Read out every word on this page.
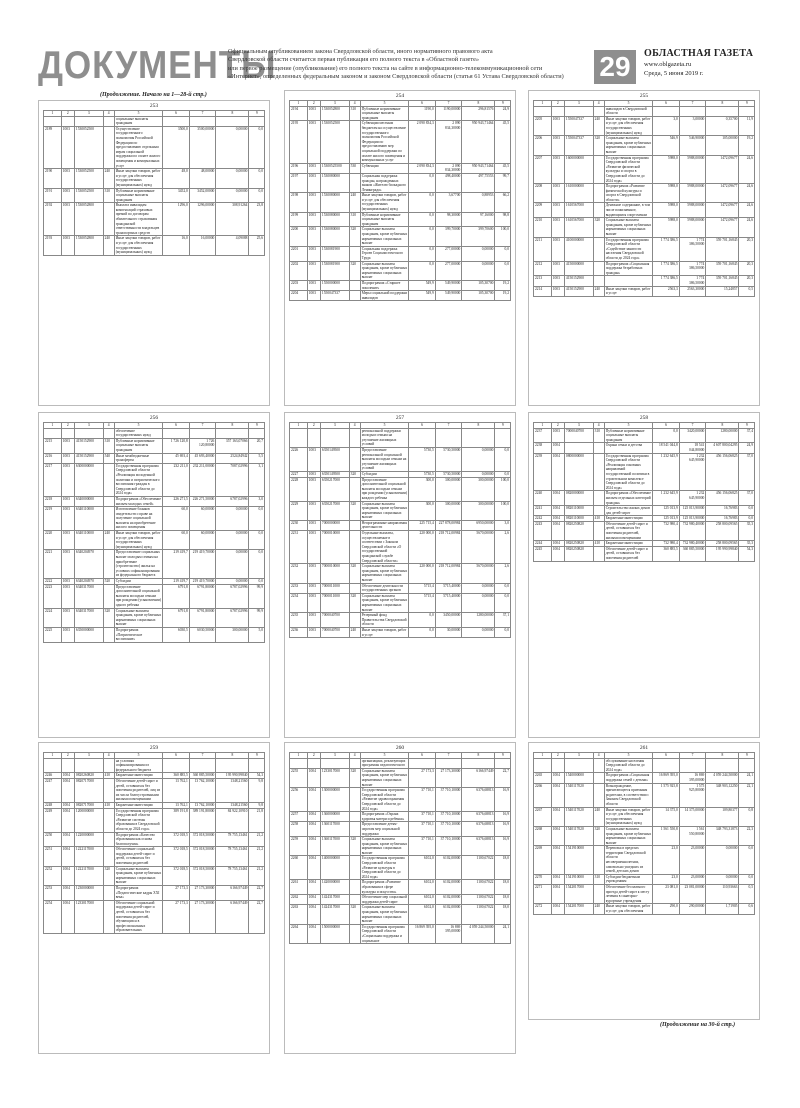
ДОКУМЕНТЫ
Официальным опубликованием закона Свердловской области, иного нормативного правового акта
Свердловской области считается первая публикация его полного текста в «Областной газете»
или первое размещение (опубликование) его полного текста на сайте в информационно-телекоммуникационной сети
«Интернет», определенных федеральным законом и законом Свердловской области (статья 61 Устава Свердловской области)	29	ОБЛАСТНАЯ ГАЗЕТА
www.oblgazeta.ru
Среда, 5 июня 2019 г.
(Продолжение. Начало на 1—28-й стр.)
253
1	2	3	4	5	6	7	8	9
				социальные выплаты гражданам				
2189	1003	1530052500		Осуществление государственного полномочия Российской Федерации по предоставлению отдельным мерам социальной поддержки по оплате жилого помещения и коммунальных услуг	3500,0	3500,00000	0,00000	0,0
2190	1003	1530052500	240	Иные закупки товаров, работ и услуг для обеспечения государственных (муниципальных) нужд	48,0	48,00000	0,00000	0,0
2191	1003	1530052500	310	Публичные нормативные социальные выплаты гражданам	3452,0	3452,00000	0,00000	0,0
2192	1003	1530052800		Выплата инвалидам компенсаций страховых премий по договорам обязательного страхования гражданской ответственности владельцев транспортных средств	1296,0	1296,00000	308,91264	23,8
2193	1003	1530052800	240	Иные закупки товаров, работ и услуг для обеспечения государственных (муниципальных) нужд	16,0	16,00000	4,09088	25,6
254
1	2	3	4	5	6	7	8	9
2194	1003	1530052800	310	Публичные нормативные социальные выплаты гражданам	1190,0	1190,00000	296,81576	24,9
2195	1003	1530052500		Субвенции местным бюджетам на осуществление государственного полномочия Российской Федерации по предоставлению мер социальной поддержки по оплате жилого помещения и коммунальных услуг	2 090 834,3	2 090 834,30000	950 943,71464	45,5
2196	1003	15300525500	530	Субвенции	2 090 834,3	2 090 834,30000	950 943,71464	45,5
2197	1003	1530080000		Социальная поддержка граждан, награжденных знаком «Жителю блокадного Ленинграда»	0,0	498,40000	497,75553	99,7
2198	1003	1530080000	240	Иные закупки товаров, работ и услуг для обеспечения государственных (муниципальных) нужд	0,0	3,67700	0,88953	66,2
2199	1003	1530080000	310	Публичные нормативные социальные выплаты гражданам	0,0	98,30000	97,16000	98,8
2200	1003	1530080000	320	Социальные выплаты гражданам, кроме публичных нормативных социальных выплат	0,0	399,70000	399,70600	100,0
2201	1003	1530081900		Социальная поддержка Героев Социалистического Труда	0,0	277,00000	0,00000	0,0
2202	1003	1530081900	320	Социальные выплаты гражданам, кроме публичных нормативных социальных выплат	0,0	277,00000	0,00000	0,0
2203	1003	1550000000		Подпрограмма «Старшее поколение»	549,9	549,90000	105,30700	19,2
2204	1003	1550047337		Меры социальной поддержки инвалидов	549,9	549,90000	105,30700	19,2
255
1	2	3	4	5	6	7	8	9
				инвалидов в Свердловской области				
2205	1003	1550047337	240	Иные закупки товаров, работ и услуг для обеспечения государственных (муниципальных) нужд	3,0	3,00000	0,35700	11,9
2206	1003	1550047337	320	Социальные выплаты гражданам, кроме публичных нормативных социальных выплат	546,9	546,90000	105,00000	19,2
2207	1003	1600000000		Государственная программа Свердловской области «Развитие физической культуры и спорта в Свердловской области до 2024 года»	5988,0	5988,00000	1472,09677	24,6
2208	1003	1610000000		Подпрограмма «Развитие физической культуры и спорта в Свердловской области»	5988,0	5988,00000	1472,09677	24,6
2209	1003	1610567000		Денежное содержание, в том числе пожизненное, выдающимся спортсменам	5988,0	5988,00000	1472,09677	24,6
2210	1003	1610567000	320	Социальные выплаты гражданам, кроме публичных нормативных социальных выплат	5988,0	5988,00000	1472,09677	24,6
2211	1003	4100000000		Государственная программа Свердловской области «Содействие занятости населения Свердловской области до 2024 года»	1 774 386,5	1 774 386,50000	359 701,16845	20,3
2212	1003	4150000000		Подпрограмма «Социальная поддержка безработных граждан»	1 774 386,5	1 774 386,50000	359 701,16845	20,3
2213	1003	4150152900			1 774 386,5	1 774 386,50000	359 701,16845	20,3
2214	1003	4150152900	240	Иные закупки товаров, работ и услуг	2563,3	2563,30000	15,24857	0,5
256
1	2	3	4	5	6	7	8	9
				обеспечение государственных нужд				
2215	1003	4150152900	310	Публичные нормативные социальные выплаты гражданам	1 726 120,8	1 726 120,80000	357 163,07066	20,7
2216	1003	4150152900	540	Иные межбюджетные трансферты	45 693,4	45 693,40000	2524,84942	5,5
2217	1003	6300000000		Государственная программа Свердловской области «Реализация молодежной политики и патриотического воспитания граждан в Свердловской области до 2024 года»	232 211,0	232 211,00000	7087,02996	3,1
2218	1003	6340000000		Подпрограмма «Обеспечение жильем молодых семей»	226 271,5	226 271,50000	6787,02996	3,0
2219	1003	6340110000		Изготовление бланков свидетельств о праве на получение социальной выплаты на приобретение жилого помещения	60,0	60,00000	0,00000	0,0
2220	1003	6340110000	240	Иные закупки товаров, работ и услуг для обеспечения государственных (муниципальных) нужд	60,0	60,00000	0,00000	0,0
2221	1003	6340204970		Предоставление социальных выплат молодым семьям на приобретение (строительство) жилья на условиях софинансирования из федерального бюджета	219 419,7	219 419,70000	0,00000	0,0
2222	1003	6340204970	520	Субсидии	219 419,7	219 419,70000	0,00000	0,0
2223	1003	6340317000		Предоставление дополнительной социальной выплаты молодым семьям при рождении (усыновлении) одного ребенка	6791,8	6791,80000	6787,02996	99,9
2224	1003	6340317000	320	Социальные выплаты гражданам, кроме публичных нормативных социальных выплат	6791,8	6791,80000	6787,02996	99,9
2225	1003	6350000000		Подпрограмма «Патриотическое воспитание»	6030,5	6030,50000	300,00000	5,0
257
1	2	3	4	5	6	7	8	9
				региональной поддержки молодым семьям на улучшение жилищных условий				
2226	1003	6350149500		Предоставление региональной социальной выплаты молодым семьям на улучшение жилищных условий	5730,5	5730,50000	0,00000	0,0
2227	1003	6350149500	320	Субсидии	5730,5	5730,50000	0,00000	0,0
2228	1003	6350217000		Предоставление дополнительной социальной выплаты молодым семьям при рождении (усыновлении) каждого ребенка	300,0	300,00000	300,00000	100,0
2229	1003	6350217000	320	Социальные выплаты гражданам, кроме публичных нормативных социальных выплат	300,0	300,00000	300,00000	100,0
2230	1003	7000000000		Непрограммные направления деятельности	225 715,4	227 878,00984	6950,00000	3,0
2231	1003	7000010000		Отдельные выплаты, осуществляемые в соответствии с Законом Свердловской области «О государственной гражданской службе Свердловской области»	220 000,0	218 712,00984	5670,00000	2,6
2232	1003	7000010000	320	Социальные выплаты гражданам, кроме публичных нормативных социальных выплат	220 000,0	218 712,00984	5670,00000	2,6
2233	1003	7000011000		Обеспечение деятельности государственных органов	5715,4	5715,40000	0,00000	0,0
2234	1003	7000011000	320	Социальные выплаты гражданам, кроме публичных нормативных социальных выплат	5715,4	5715,40000	0,00000	0,0
2235	1003	7000040700		Резервный фонд Правительства Свердловской области	0,0	3450,00000	1280,00000	37,1
2236	1003	7000040700	240	Иные закупки товаров, работ и услуг	0,0	30,00000	0,00000	0,0
258
1	2	3	4	5	6	7	8	9
2237	1003	7000040700	310	Публичные нормативные социальные выплаты гражданам	0,0	3420,00000	1280,00000	37,4
2238	1004			Охрана семьи и детства	18 541 044,8	18 541 044,80000	4 607 800,04295	24,9
2239	1004	0800000000		Государственная программа Свердловской области «Реализация основных направлений государственной политики в строительном комплексе Свердловской области до 2024 года»	1 232 645,9	1 232 645,90000	456 156,06825	37,0
2240	1004	0820000000		Подпрограмма «Обеспечение жильем отдельных категорий граждан»	1 232 645,9	1 232 645,90000	456 156,06825	37,0
2241	1004	0820110000		Строительство жилых домов для детей-сирот	125 013,9	125 013,90000	16,76983	0,0
2242	1004	0820110000	410	Бюджетные инвестиции	125 013,9	125 013,90000	16,76983	0,0
2243	1004	0820250820		Обеспечение детей-сирот и детей, оставшихся без попечения родителей, жилыми помещениями	732 980,4	732 980,40000	258 800,09565	35,3
2244	1004	0820250820	410	Бюджетные инвестиции	732 980,4	732 980,40000	258 800,09565	35,3
2245	1004	0820250820		Обеспечение детей-сирот и детей, оставшихся без попечения родителей	360 885,5	360 885,50000	195 990,99840	54,3
259
1	2	3	4	5	6	7	8	9
				на условиях софинансирования из федерального бюджета				
2246	1004	0820260820	410	Бюджетные инвестиции	360 885,5	360 885,50000	195 990,99840	54,3
2247	1004	0820717000		Обеспечение детей-сирот и детей, оставшихся без попечения родителей, лиц из их числа благоустроенными жилыми помещениями	13 762,1	13 762,10000	1348,21560	9,8
2248	1004	0820717000	410	Бюджетные инвестиции	13 762,1	13 762,10000	1348,21560	9,8
2249	1004	1200000000		Государственная программа Свердловской области «Развитие системы образования в Свердловской области до 2024 года»	389 191,8	389 191,80000	84 922,10910	21,8
2250	1004	1220000000		Подпрограмма «Качество образования как основа благополучия»	372 018,5	372 018,50000	78 755,13461	21,2
2251	1004	1222117000		Обеспечение социальной поддержки детей-сирот и детей, оставшихся без попечения родителей	372 018,5	372 018,50000	78 755,13461	21,2
2252	1004	1222117000	320	Социальные выплаты гражданам, кроме публичных нормативных социальных выплат	372 018,5	372 018,50000	78 755,13461	21,2
2253	1004	1230000000		Подпрограмма «Педагогические кадры XXI века»	27 173,3	27 173,30000	6166,97449	22,7
2254	1004	1233017000		Обеспечение социальной поддержки детей-сирот и детей, оставшихся без попечения родителей, обучающихся в профессиональных образовательных	27 173,3	27 173,30000	6166,97449	22,7
260
1	2	3	4	5	6	7	8	9
				организациях, реализующих программы педагогического				
2255	1004	1233017000	320	Социальные выплаты гражданам, кроме публичных нормативных социальных выплат	27 173,3	27 173,30000	6166,97449	22,7
2256	1004	1300000000		Государственная программа Свердловской области «Развитие здравоохранения Свердловской области до 2024 года»	37 710,1	37 710,10000	6376,68813	16,9
2257	1004	1360000000		Подпрограмма «Охрана здоровья матери и ребенка»	37 710,1	37 710,10000	6376,68813	16,9
2258	1004	1360117000		Предоставление детям-сиротам мер социальной поддержки	37 710,1	37 710,10000	6376,68813	16,9
2259	1004	1360117000	320	Социальные выплаты гражданам, кроме публичных нормативных социальных выплат	37 710,1	37 710,10000	6376,68813	16,9
2260	1004	1400000000		Государственная программа Свердловской области «Развитие культуры в Свердловской области до 2024 года»	6102,0	6102,00000	1100,67022	18,0
2261	1004	1420000000		Подпрограмма «Развитие образования в сфере культуры и искусства»	6102,0	6102,00000	1100,67022	18,0
2262	1004	1424317000		Обеспечение мер социальной поддержки детей-сирот	6102,0	6102,00000	1100,67022	18,0
2263	1004	1424317000	320	Социальные выплаты гражданам, кроме публичных нормативных социальных выплат	6102,0	6102,00000	1100,67022	18,0
2264	1004	1500000000		Государственная программа Свердловской области «Социальная поддержка и социальное	16 869 395,0	16 869 395,00000	4 059 244,50000	24,1
261
1	2	3	4	5	6	7	8	9
				обслуживание населения Свердловской области до 2024 года»				
2265	1004	1540000000		Подпрограмма «Социальная поддержка семей с детьми»	16 869 395,0	16 869 395,00000	4 059 244,50000	24,1
2266	1004	1540117020		Вознаграждение, причитающееся приемным родителям, в соответствии с Законом Свердловской области	1 575 925,8	1 575 925,80000	348 903,12250	22,1
2267	1004	1540117020	240	Иные закупки товаров, работ и услуг для обеспечения государственных (муниципальных) нужд	14 375,0	14 375,00000	109,80377	0,8
2268	1004	1540117020	320	Социальные выплаты гражданам, кроме публичных нормативных социальных выплат	1 561 550,8	1 561 550,80000	348 793,31873	22,3
2269	1004	1541910000		Перевозка в пределах территории Свердловской области несовершеннолетних, самовольно ушедших из семей, детских домов	23,0	23,00000	0,00000	0,0
2270	1004	1541910000	310	Субсидии бюджетным учреждениям	23,0	23,00000	0,00000	0,0
2271	1004	1542017000		Обеспечение бесплатного проезда детей-сирот к месту лечения в санаторно-курортные учреждения	23 081,0	23 081,00000	110,93663	0,5
2272	1004	1542017000	240	Иные закупки товаров, работ и услуг для обеспечения	290,0	290,00000	1,71905	0,6
(Продолжение на 30-й стр.)
